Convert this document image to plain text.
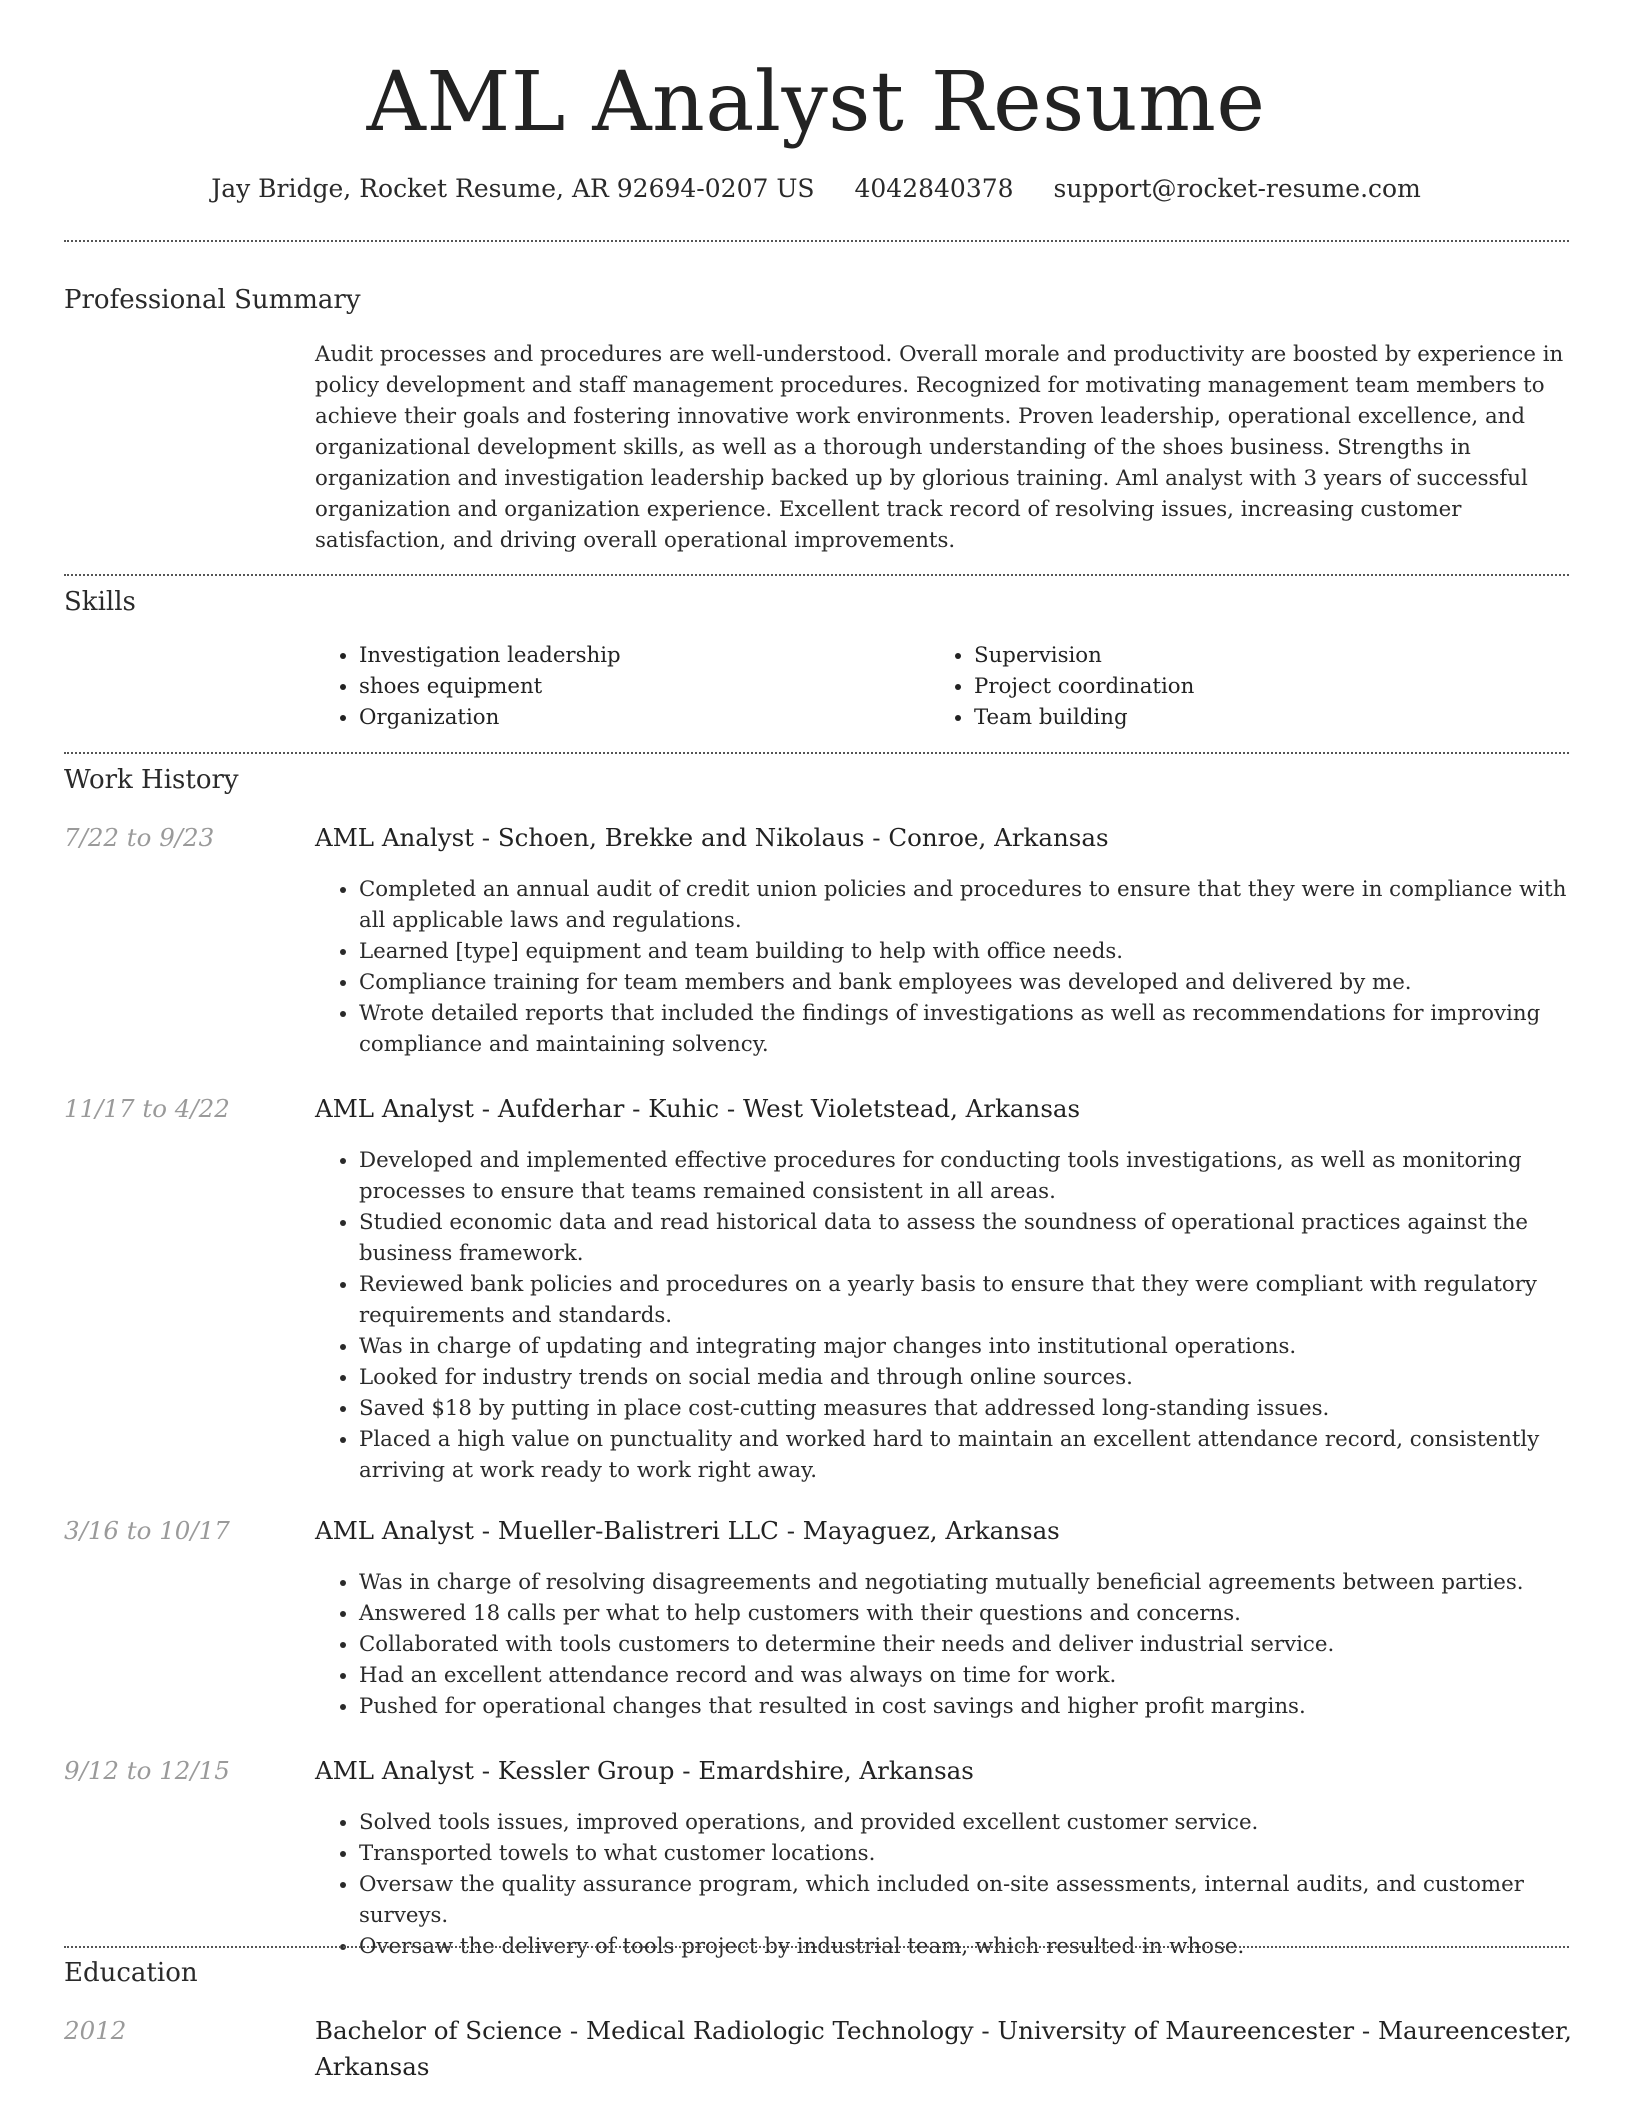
AML Analyst Resume
Jay Bridge, Rocket Resume, AR 92694-0207 US 4042840378 support@rocket-resume.com
Professional Summary
Audit processes and procedures are well-understood. Overall morale and productivity are boosted by experience in policy development and staff management procedures. Recognized for motivating management team members to achieve their goals and fostering innovative work environments. Proven leadership, operational excellence, and organizational development skills, as well as a thorough understanding of the shoes business. Strengths in organization and investigation leadership backed up by glorious training. Aml analyst with 3 years of successful organization and organization experience. Excellent track record of resolving issues, increasing customer satisfaction, and driving overall operational improvements.
Skills
• Investigation leadership
• shoes equipment
• Organization
• Supervision
• Project coordination
• Team building
Work History
7/22 to 9/23	AML Analyst - Schoen, Brekke and Nikolaus - Conroe, Arkansas
• Completed an annual audit of credit union policies and procedures to ensure that they were in compliance with all applicable laws and regulations.
• Learned [type] equipment and team building to help with office needs.
• Compliance training for team members and bank employees was developed and delivered by me.
• Wrote detailed reports that included the findings of investigations as well as recommendations for improving compliance and maintaining solvency.
11/17 to 4/22	AML Analyst - Aufderhar - Kuhic - West Violetstead, Arkansas
• Developed and implemented effective procedures for conducting tools investigations, as well as monitoring processes to ensure that teams remained consistent in all areas.
• Studied economic data and read historical data to assess the soundness of operational practices against the business framework.
• Reviewed bank policies and procedures on a yearly basis to ensure that they were compliant with regulatory requirements and standards.
• Was in charge of updating and integrating major changes into institutional operations.
• Looked for industry trends on social media and through online sources.
• Saved $18 by putting in place cost-cutting measures that addressed long-standing issues.
• Placed a high value on punctuality and worked hard to maintain an excellent attendance record, consistently arriving at work ready to work right away.
3/16 to 10/17	AML Analyst - Mueller-Balistreri LLC - Mayaguez, Arkansas
• Was in charge of resolving disagreements and negotiating mutually beneficial agreements between parties.
• Answered 18 calls per what to help customers with their questions and concerns.
• Collaborated with tools customers to determine their needs and deliver industrial service.
• Had an excellent attendance record and was always on time for work.
• Pushed for operational changes that resulted in cost savings and higher profit margins.
9/12 to 12/15	AML Analyst - Kessler Group - Emardshire, Arkansas
• Solved tools issues, improved operations, and provided excellent customer service.
• Transported towels to what customer locations.
• Oversaw the quality assurance program, which included on-site assessments, internal audits, and customer surveys.
• Oversaw the delivery of tools project by industrial team, which resulted in whose.
Education
2012	Bachelor of Science - Medical Radiologic Technology - University of Maureencester - Maureencester, Arkansas
